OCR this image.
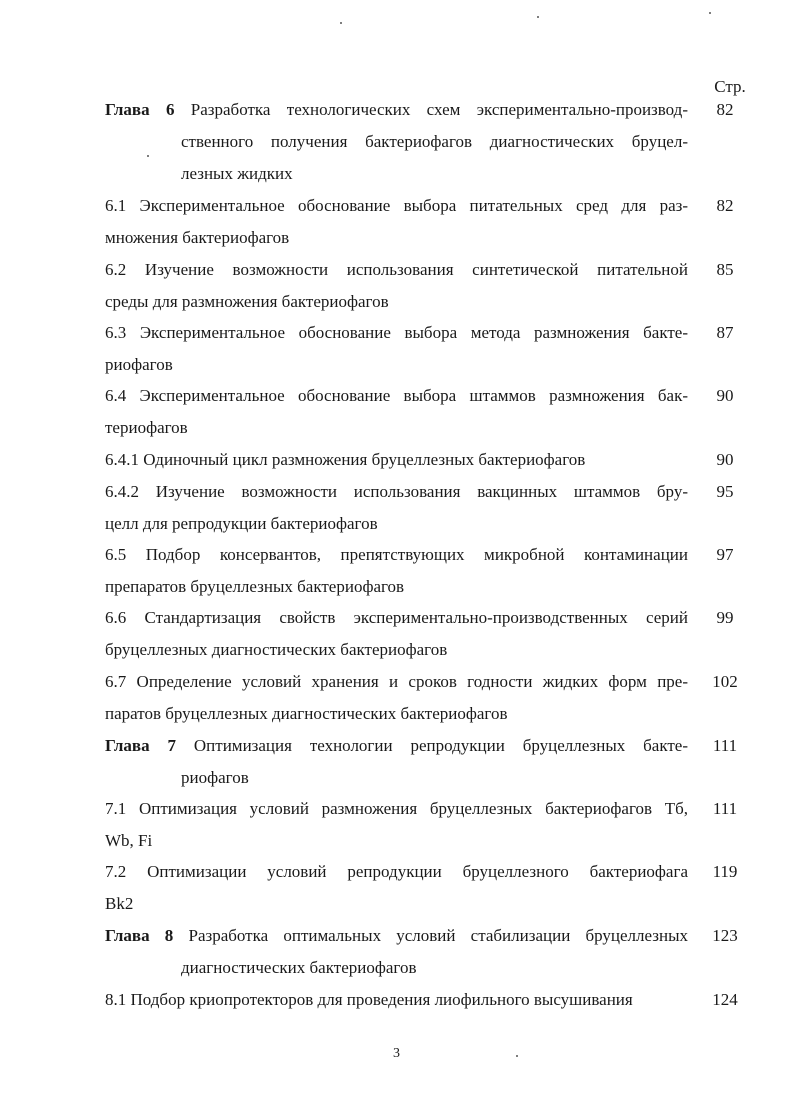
Стр.
Глава 6 Разработка технологических схем экспериментально-производ-
ственного получения бактериофагов диагностических бруцел-
лезных жидких
82
6.1 Экспериментальное обоснование выбора питательных сред для раз-
множения бактериофагов
82
6.2 Изучение возможности использования синтетической питательной
среды для размножения бактериофагов
85
6.3 Экспериментальное обоснование выбора метода размножения бакте-
риофагов
87
6.4 Экспериментальное обоснование выбора штаммов размножения бак-
териофагов
90
6.4.1 Одиночный цикл размножения бруцеллезных бактериофагов	90
6.4.2 Изучение возможности использования вакцинных штаммов бру-
целл для репродукции бактериофагов
95
6.5 Подбор консервантов, препятствующих микробной контаминации
препаратов бруцеллезных бактериофагов
97
6.6 Стандартизация свойств экспериментально-производственных серий
бруцеллезных диагностических бактериофагов
99
6.7 Определение условий хранения и сроков годности жидких форм пре-
паратов бруцеллезных диагностических бактериофагов
102
Глава 7 Оптимизация технологии репродукции бруцеллезных бакте-
риофагов
111
7.1 Оптимизация условий размножения бруцеллезных бактериофагов Тб,
Wb, Fi
111
7.2 Оптимизации условий репродукции бруцеллезного бактериофага
Bk2
119
Глава 8 Разработка оптимальных условий стабилизации бруцеллезных
диагностических бактериофагов
123
8.1 Подбор криопротекторов для проведения лиофильного высушивания	124
3
